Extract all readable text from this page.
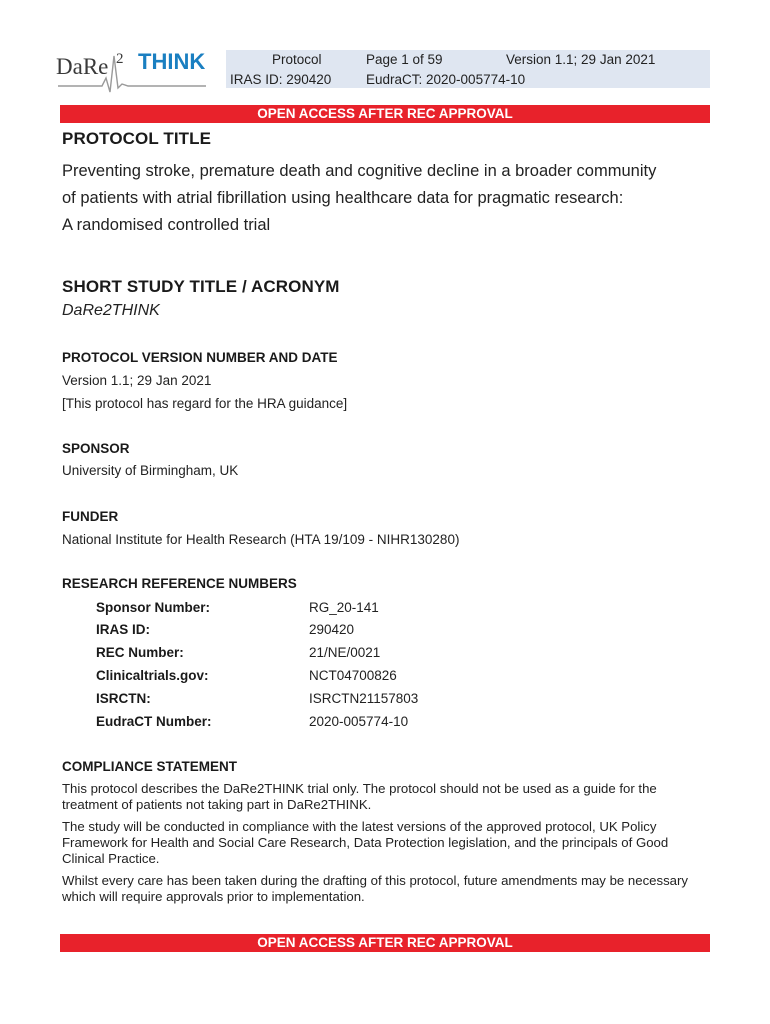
DaRe 2 THINK	Protocol	Page 1 of 59	Version 1.1; 29 Jan 2021
IRAS ID: 290420	EudraCT: 2020-005774-10
OPEN ACCESS AFTER REC APPROVAL
PROTOCOL TITLE
Preventing stroke, premature death and cognitive decline in a broader community
of patients with atrial fibrillation using healthcare data for pragmatic research:
A randomised controlled trial
SHORT STUDY TITLE / ACRONYM
DaRe2THINK
PROTOCOL VERSION NUMBER AND DATE
Version 1.1; 29 Jan 2021
[This protocol has regard for the HRA guidance]
SPONSOR
University of Birmingham, UK
FUNDER
National Institute for Health Research (HTA 19/109 - NIHR130280)
RESEARCH REFERENCE NUMBERS
Sponsor Number:	RG_20-141
IRAS ID:	290420
REC Number:	21/NE/0021
Clinicaltrials.gov:	NCT04700826
ISRCTN:	ISRCTN21157803
EudraCT Number:	2020-005774-10
COMPLIANCE STATEMENT
This protocol describes the DaRe2THINK trial only. The protocol should not be used as a guide for the treatment of patients not taking part in DaRe2THINK.
The study will be conducted in compliance with the latest versions of the approved protocol, UK Policy Framework for Health and Social Care Research, Data Protection legislation, and the principals of Good Clinical Practice.
Whilst every care has been taken during the drafting of this protocol, future amendments may be necessary which will require approvals prior to implementation.
OPEN ACCESS AFTER REC APPROVAL
